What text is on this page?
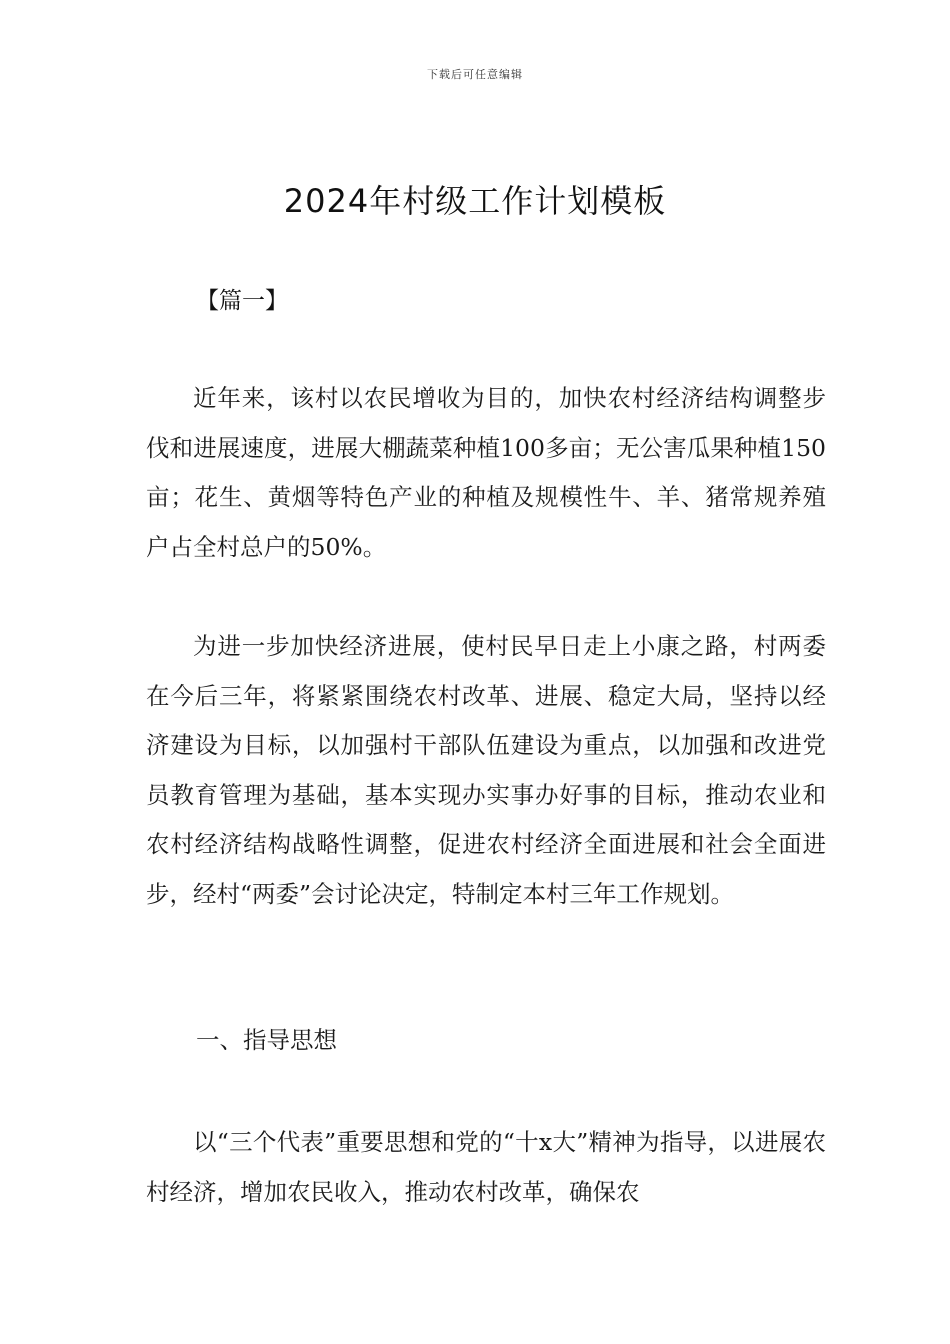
下载后可任意编辑
2024年村级工作计划模板

【篇一】

近年来，该村以农民增收为目的，加快农村经济结构调整步伐和进展速度，进展大棚蔬菜种植100多亩；无公害瓜果种植150亩；花生、黄烟等特色产业的种植及规模性牛、羊、猪常规养殖户占全村总户的50%。

为进一步加快经济进展，使村民早日走上小康之路，村两委在今后三年，将紧紧围绕农村改革、进展、稳定大局，坚持以经济建设为目标，以加强村干部队伍建设为重点，以加强和改进党员教育管理为基础，基本实现办实事办好事的目标，推动农业和农村经济结构战略性调整，促进农村经济全面进展和社会全面进步，经村“两委”会讨论决定，特制定本村三年工作规划。

一、指导思想

以“三个代表”重要思想和党的“十x大”精神为指导，以进展农村经济，增加农民收入，推动农村改革，确保农
